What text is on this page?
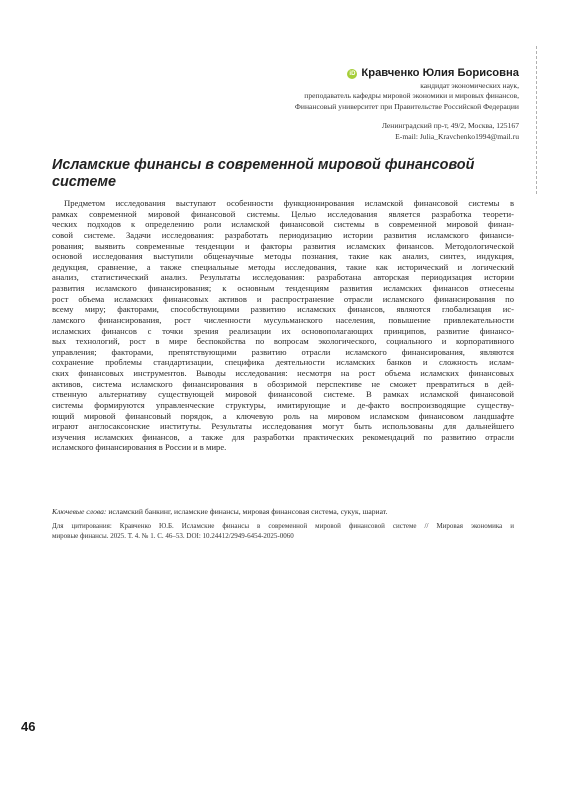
iD Кравченко Юлия Борисовна
кандидат экономических наук,
преподаватель кафедры мировой экономики и мировых финансов,
Финансовый университет при Правительстве Российской Федерации
Ленинградский пр-т, 49/2, Москва, 125167
E-mail: Julia_Kravchenko1994@mail.ru
Исламские финансы в современной мировой финансовой
системе
Предметом исследования выступают особенности функционирования исламской финансовой системы в
рамках современной мировой финансовой системы. Целью исследования является разработка теорети-
ческих подходов к определению роли исламской финансовой системы в современной мировой финан-
совой системе. Задачи исследования: разработать периодизацию истории развития исламского финанси-
рования; выявить современные тенденции и факторы развития исламских финансов. Методологической
основой исследования выступили общенаучные методы познания, такие как анализ, синтез, индукция,
дедукция, сравнение, а также специальные методы исследования, такие как исторический и логический
анализ, статистический анализ. Результаты исследования: разработана авторская периодизация истории
развития исламского финансирования; к основным тенденциям развития исламских финансов отнесены
рост объема исламских финансовых активов и распространение отрасли исламского финансирования по
всему миру; факторами, способствующими развитию исламских финансов, являются глобализация ис-
ламского финансирования, рост численности мусульманского населения, повышение привлекательности
исламских финансов с точки зрения реализации их основополагающих принципов, развитие финансо-
вых технологий, рост в мире беспокойства по вопросам экологического, социального и корпоративного
управления; факторами, препятствующими развитию отрасли исламского финансирования, являются
сохранение проблемы стандартизации, специфика деятельности исламских банков и сложность ислам-
ских финансовых инструментов. Выводы исследования: несмотря на рост объема исламских финансовых
активов, система исламского финансирования в обозримой перспективе не сможет превратиться в дей-
ственную альтернативу существующей мировой финансовой системе. В рамках исламской финансовой
системы формируются управленческие структуры, имитирующие и де-факто воспроизводящие существу-
ющий мировой финансовый порядок, а ключевую роль на мировом исламском финансовом ландшафте
играют англосаксонские институты. Результаты исследования могут быть использованы для дальнейшего
изучения исламских финансов, а также для разработки практических рекомендаций по развитию отрасли
исламского финансирования в России и в мире.
Ключевые слова: исламский банкинг, исламские финансы, мировая финансовая система, сукук, шариат.
Для цитирования: Кравченко Ю.Б. Исламские финансы в современной мировой финансовой системе // Мировая экономика и
мировые финансы. 2025. Т. 4. № 1. С. 46–53. DOI: 10.24412/2949-6454-2025-0060
46
